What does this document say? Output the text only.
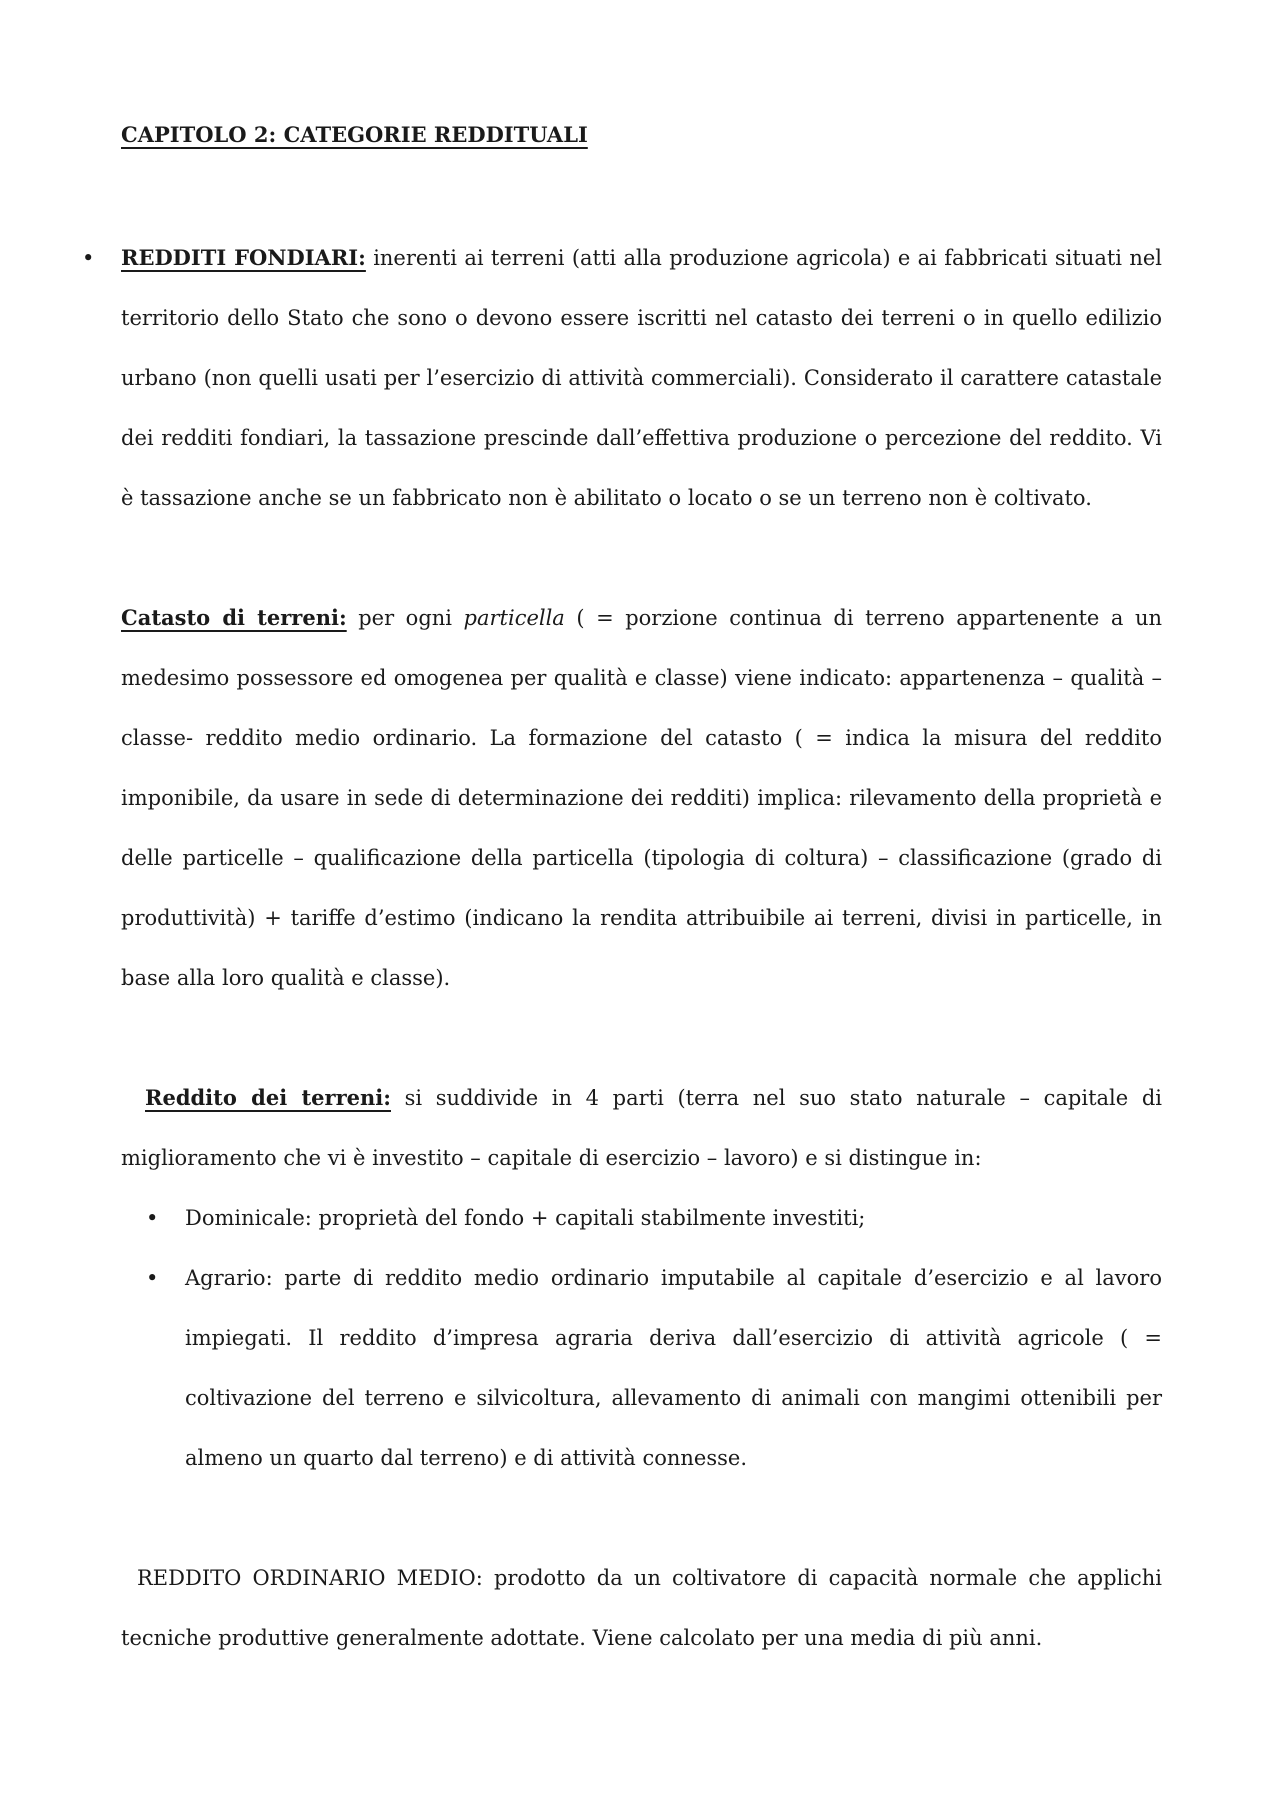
CAPITOLO 2: CATEGORIE REDDITUALI
• REDDITI FONDIARI: inerenti ai terreni (atti alla produzione agricola) e ai fabbricati situati nel territorio dello Stato che sono o devono essere iscritti nel catasto dei terreni o in quello edilizio urbano (non quelli usati per l’esercizio di attività commerciali). Considerato il carattere catastale dei redditi fondiari, la tassazione prescinde dall’effettiva produzione o percezione del reddito. Vi è tassazione anche se un fabbricato non è abilitato o locato o se un terreno non è coltivato.

Catasto di terreni: per ogni particella ( = porzione continua di terreno appartenente a un medesimo possessore ed omogenea per qualità e classe) viene indicato: appartenenza – qualità – classe- reddito medio ordinario. La formazione del catasto ( = indica la misura del reddito imponibile, da usare in sede di determinazione dei redditi) implica: rilevamento della proprietà e delle particelle – qualificazione della particella (tipologia di coltura) – classificazione (grado di produttività) + tariffe d’estimo (indicano la rendita attribuibile ai terreni, divisi in particelle, in base alla loro qualità e classe).

Reddito dei terreni: si suddivide in 4 parti (terra nel suo stato naturale – capitale di miglioramento che vi è investito – capitale di esercizio – lavoro) e si distingue in:

• Dominicale: proprietà del fondo + capitali stabilmente investiti;

• Agrario: parte di reddito medio ordinario imputabile al capitale d’esercizio e al lavoro impiegati. Il reddito d’impresa agraria deriva dall’esercizio di attività agricole ( = coltivazione del terreno e silvicoltura, allevamento di animali con mangimi ottenibili per almeno un quarto dal terreno) e di attività connesse.

REDDITO ORDINARIO MEDIO: prodotto da un coltivatore di capacità normale che applichi tecniche produttive generalmente adottate. Viene calcolato per una media di più anni.
